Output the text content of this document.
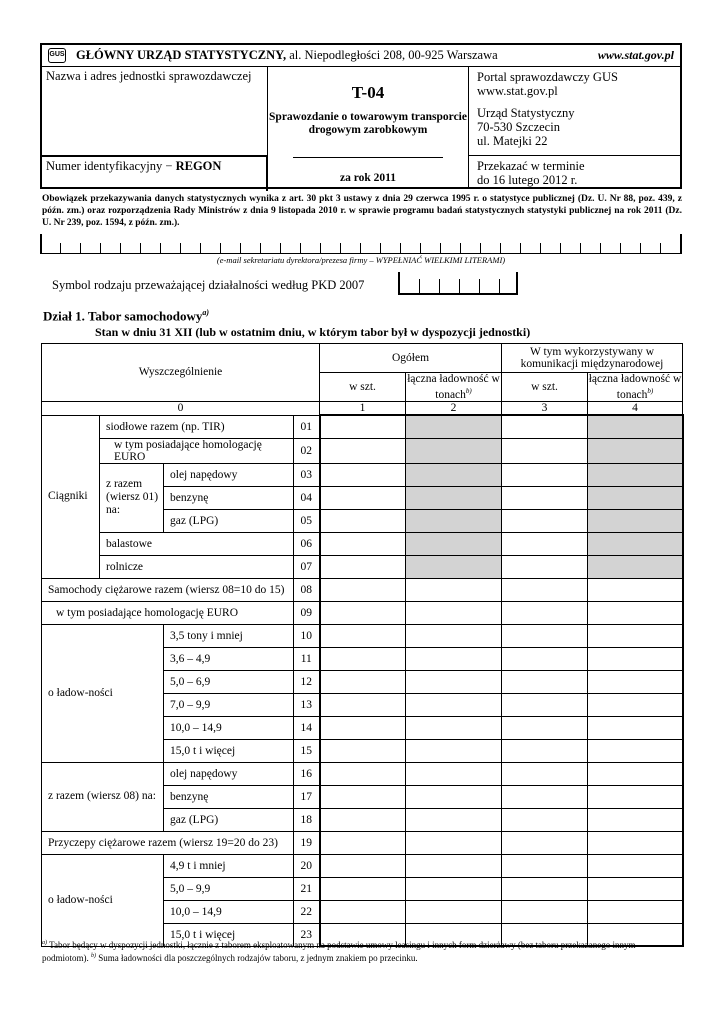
GUS GŁÓWNY URZĄD STATYSTYCZNY, al. Niepodległości 208, 00-925 Warszawa	www.stat.gov.pl
Nazwa i adres jednostki sprawozdawczej
Numer identyfikacyjny − REGON
T-04
Sprawozdanie o towarowym transporcie drogowym zarobkowym
za rok 2011
Portal sprawozdawczy GUS
www.stat.gov.pl
Urząd Statystyczny
70-530 Szczecin
ul. Matejki 22
Przekazać w terminie
do 16 lutego 2012 r.
Obowiązek przekazywania danych statystycznych wynika z art. 30 pkt 3 ustawy z dnia 29 czerwca 1995 r. o statystyce publicznej (Dz. U. Nr 88, poz. 439, z późn. zm.) oraz rozporządzenia Rady Ministrów z dnia 9 listopada 2010 r. w sprawie programu badań statystycznych statystyki publicznej na rok 2011 (Dz. U. Nr 239, poz. 1594, z późn. zm.).
(e-mail sekretariatu dyrektora/prezesa firmy – WYPEŁNIAĆ WIELKIMI LITERAMI)
Symbol rodzaju przeważającej działalności według PKD 2007
Dział 1. Tabor samochodowy$^{a)}$
Stan w dniu 31 XII (lub w ostatnim dniu, w którym tabor był w dyspozycji jednostki)
Wyszczególnienie				Ogółem		W tym wykorzystywany w komunikacji międzynarodowej	
				w szt.	łączna ładowność w tonach$^{b)}$	w szt.	łączna ładowność w tonach$^{b)}$
0				1	2	3	4
Ciągniki	siodłowe razem (np. TIR)		01				
	w tym posiadające homologację EURO		02				
	z razem (wiersz 01) na:	olej napędowy	03				
		benzynę	04				
		gaz (LPG)	05				
	balastowe		06				
	rolnicze		07				
Samochody ciężarowe razem (wiersz 08=10 do 15)			08				
w tym posiadające homologację EURO			09				
o ładow-ności		3,5 tony i mniej	10				
		3,6 – 4,9	11				
		5,0 – 6,9	12				
		7,0 – 9,9	13				
		10,0 – 14,9	14				
		15,0 t i więcej	15				
z razem (wiersz 08) na:		olej napędowy	16				
		benzynę	17				
		gaz (LPG)	18				
Przyczepy ciężarowe razem (wiersz 19=20 do 23)			19				
o ładow-ności		4,9 t i mniej	20				
		5,0 – 9,9	21				
		10,0 – 14,9	22				
		15,0 t i więcej	23				
$^{a)}$ Tabor będący w dyspozycji jednostki, łącznie z taborem eksploatowanym na podstawie umowy leasingu i innych form dzierżawy (bez taboru przekazanego innym podmiotom). $^{b)}$ Suma ładowności dla poszczególnych rodzajów taboru, z jednym znakiem po przecinku.
